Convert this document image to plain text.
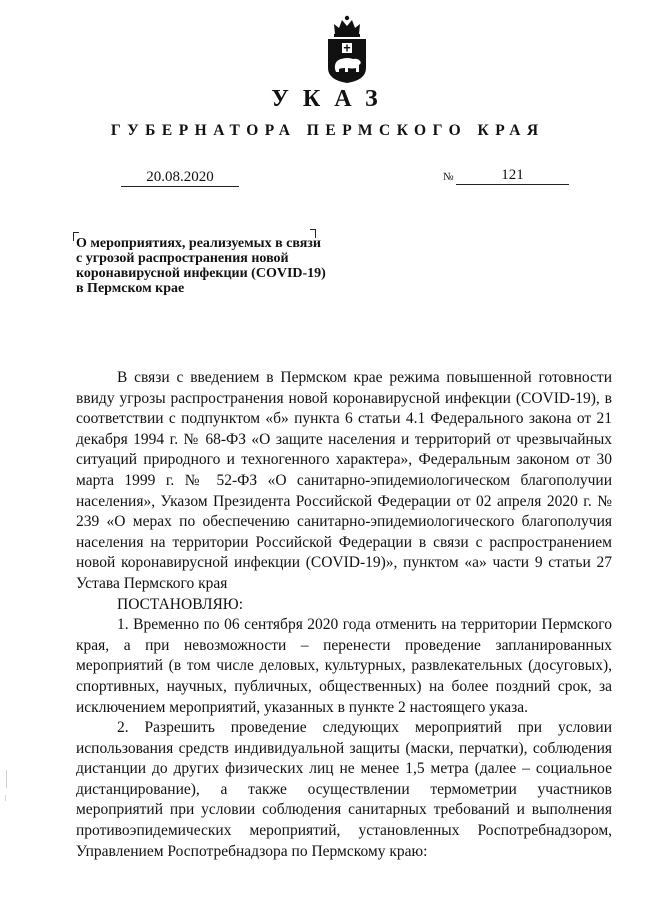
УКАЗ
ГУБЕРНАТОРА ПЕРМСКОГО КРАЯ
20.08.2020	№	121
О мероприятиях, реализуемых в связи
с угрозой распространения новой
коронавирусной инфекции (COVID-19)
в Пермском крае

В связи с введением в Пермском крае режима повышенной готовности ввиду угрозы распространения новой коронавирусной инфекции (COVID-19), в соответствии с подпунктом «б» пункта 6 статьи 4.1 Федерального закона от 21 декабря 1994 г. № 68-ФЗ «О защите населения и территорий от чрезвычайных ситуаций природного и техногенного характера», Федеральным законом от 30 марта 1999 г. № 52-ФЗ «О санитарно-эпидемиологическом благополучии населения», Указом Президента Российской Федерации от 02 апреля 2020 г. № 239 «О мерах по обеспечению санитарно-эпидемиологического благополучия населения на территории Российской Федерации в связи с распространением новой коронавирусной инфекции (COVID-19)», пунктом «а» части 9 статьи 27 Устава Пермского края

ПОСТАНОВЛЯЮ:

1. Временно по 06 сентября 2020 года отменить на территории Пермского края, а при невозможности – перенести проведение запланированных мероприятий (в том числе деловых, культурных, развлекательных (досуговых), спортивных, научных, публичных, общественных) на более поздний срок, за исключением мероприятий, указанных в пункте 2 настоящего указа.

2. Разрешить проведение следующих мероприятий при условии использования средств индивидуальной защиты (маски, перчатки), соблюдения дистанции до других физических лиц не менее 1,5 метра (далее – социальное дистанцирование), а также осуществлении термометрии участников мероприятий при условии соблюдения санитарных требований и выполнения противоэпидемических мероприятий, установленных Роспотребнадзором, Управлением Роспотребнадзора по Пермскому краю:
